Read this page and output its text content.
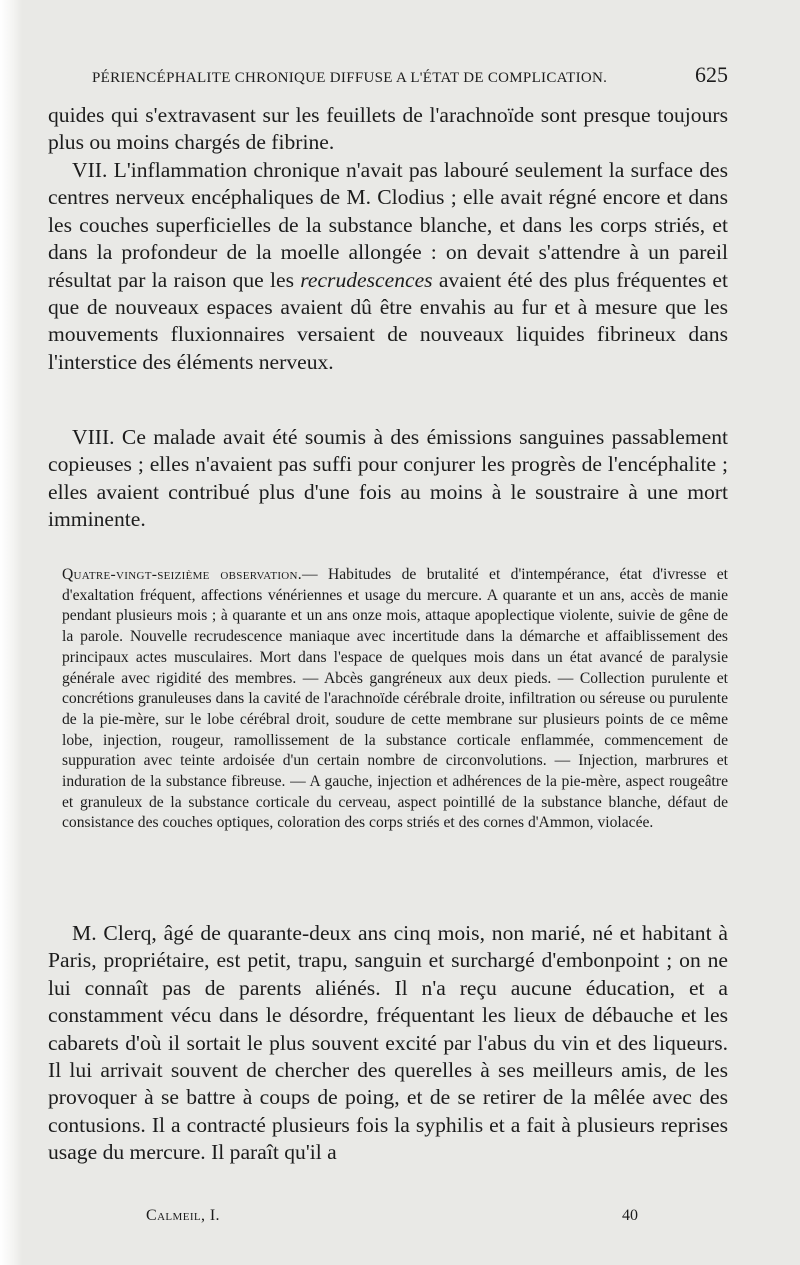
PÉRIENCÉPHALITE CHRONIQUE DIFFUSE A L'ÉTAT DE COMPLICATION.	625

quides qui s'extravasent sur les feuillets de l'arachnoïde sont presque toujours plus ou moins chargés de fibrine.

VII. L'inflammation chronique n'avait pas labouré seulement la surface des centres nerveux encéphaliques de M. Clodius ; elle avait régné encore et dans les couches superficielles de la substance blanche, et dans les corps striés, et dans la profondeur de la moelle allongée : on devait s'attendre à un pareil résultat par la raison que les recrudescences avaient été des plus fréquentes et que de nouveaux espaces avaient dû être envahis au fur et à mesure que les mouvements fluxionnaires versaient de nouveaux liquides fibrineux dans l'interstice des éléments nerveux.

VIII. Ce malade avait été soumis à des émissions sanguines passablement copieuses ; elles n'avaient pas suffi pour conjurer les progrès de l'encéphalite ; elles avaient contribué plus d'une fois au moins à le soustraire à une mort imminente.

Quatre-vingt-seizième observation.— Habitudes de brutalité et d'intempérance, état d'ivresse et d'exaltation fréquent, affections vénériennes et usage du mercure. A quarante et un ans, accès de manie pendant plusieurs mois ; à quarante et un ans onze mois, attaque apoplectique violente, suivie de gêne de la parole. Nouvelle recrudescence maniaque avec incertitude dans la démarche et affaiblissement des principaux actes musculaires. Mort dans l'espace de quelques mois dans un état avancé de paralysie générale avec rigidité des membres. — Abcès gangréneux aux deux pieds. — Collection purulente et concrétions granuleuses dans la cavité de l'arachnoïde cérébrale droite, infiltration ou séreuse ou purulente de la pie-mère, sur le lobe cérébral droit, soudure de cette membrane sur plusieurs points de ce même lobe, injection, rougeur, ramollissement de la substance corticale enflammée, commencement de suppuration avec teinte ardoisée d'un certain nombre de circonvolutions. — Injection, marbrures et induration de la substance fibreuse. — A gauche, injection et adhérences de la pie-mère, aspect rougeâtre et granuleux de la substance corticale du cerveau, aspect pointillé de la substance blanche, défaut de consistance des couches optiques, coloration des corps striés et des cornes d'Ammon, violacée.

M. Clerq, âgé de quarante-deux ans cinq mois, non marié, né et habitant à Paris, propriétaire, est petit, trapu, sanguin et surchargé d'embonpoint ; on ne lui connaît pas de parents aliénés. Il n'a reçu aucune éducation, et a constamment vécu dans le désordre, fréquentant les lieux de débauche et les cabarets d'où il sortait le plus souvent excité par l'abus du vin et des liqueurs. Il lui arrivait souvent de chercher des querelles à ses meilleurs amis, de les provoquer à se battre à coups de poing, et de se retirer de la mêlée avec des contusions. Il a contracté plusieurs fois la syphilis et a fait à plusieurs reprises usage du mercure. Il paraît qu'il a

Calmeil, I.	40
